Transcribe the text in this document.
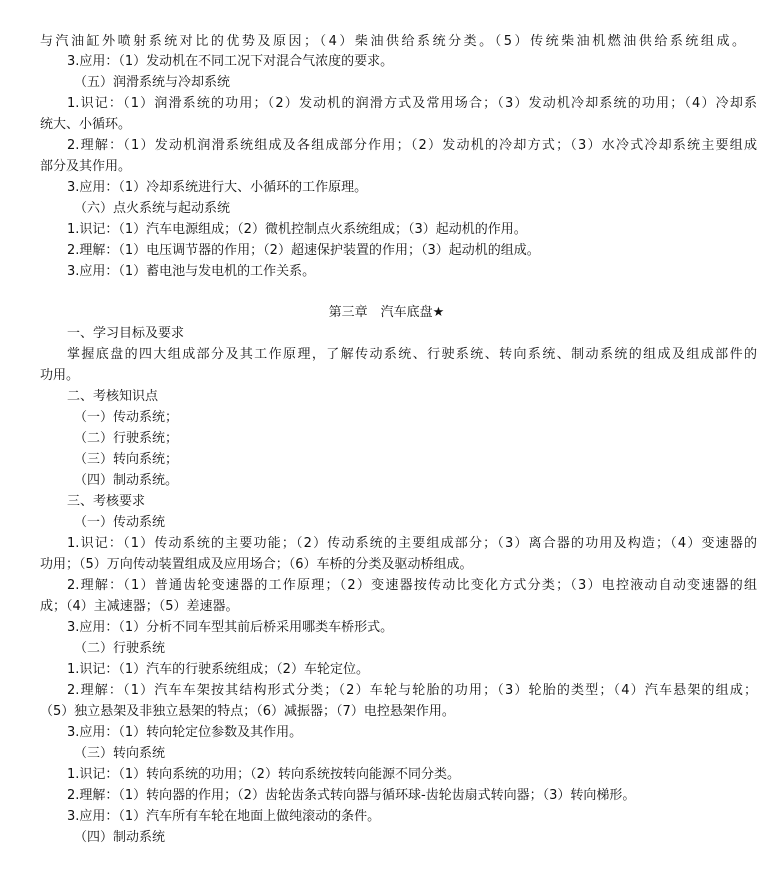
与汽油缸外喷射系统对比的优势及原因；（4）柴油供给系统分类。（5）传统柴油机燃油供给系统组成。
3.应用：（1）发动机在不同工况下对混合气浓度的要求。
（五）润滑系统与冷却系统
1.识记：（1）润滑系统的功用；（2）发动机的润滑方式及常用场合；（3）发动机冷却系统的功用；（4）冷却系
统大、小循环。
2.理解：（1）发动机润滑系统组成及各组成部分作用；（2）发动机的冷却方式；（3）水冷式冷却系统主要组成
部分及其作用。
3.应用：（1）冷却系统进行大、小循环的工作原理。
（六）点火系统与起动系统
1.识记：（1）汽车电源组成；（2）微机控制点火系统组成；（3）起动机的作用。
2.理解：（1）电压调节器的作用；（2）超速保护装置的作用；（3）起动机的组成。
3.应用：（1）蓄电池与发电机的工作关系。
第三章　汽车底盘★
一、学习目标及要求
掌握底盘的四大组成部分及其工作原理，了解传动系统、行驶系统、转向系统、制动系统的组成及组成部件的
功用。
二、考核知识点
（一）传动系统；
（二）行驶系统；
（三）转向系统；
（四）制动系统。
三、考核要求
（一）传动系统
1.识记：（1）传动系统的主要功能；（2）传动系统的主要组成部分；（3）离合器的功用及构造；（4）变速器的
功用；（5）万向传动装置组成及应用场合；（6）车桥的分类及驱动桥组成。
2.理解：（1）普通齿轮变速器的工作原理；（2）变速器按传动比变化方式分类；（3）电控液动自动变速器的组
成；（4）主减速器；（5）差速器。
3.应用：（1）分析不同车型其前后桥采用哪类车桥形式。
（二）行驶系统
1.识记：（1）汽车的行驶系统组成；（2）车轮定位。
2.理解：（1）汽车车架按其结构形式分类；（2）车轮与轮胎的功用；（3）轮胎的类型；（4）汽车悬架的组成；
（5）独立悬架及非独立悬架的特点；（6）减振器；（7）电控悬架作用。
3.应用：（1）转向轮定位参数及其作用。
（三）转向系统
1.识记：（1）转向系统的功用；（2）转向系统按转向能源不同分类。
2.理解：（1）转向器的作用；（2）齿轮齿条式转向器与循环球-齿轮齿扇式转向器；（3）转向梯形。
3.应用：（1）汽车所有车轮在地面上做纯滚动的条件。
（四）制动系统
